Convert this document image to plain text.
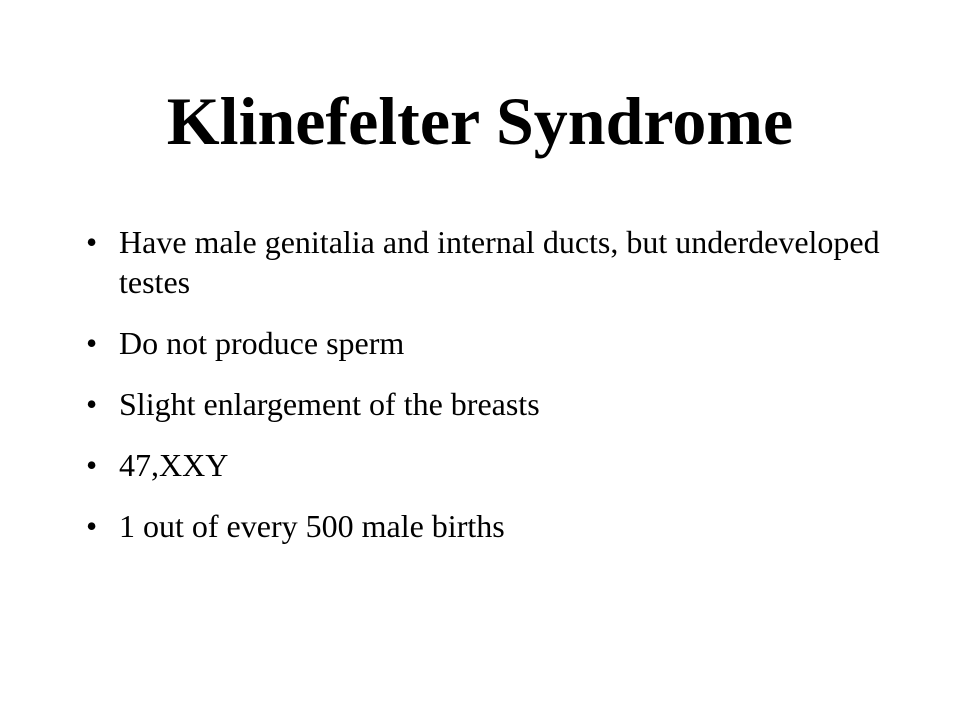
Klinefelter Syndrome
• Have male genitalia and internal ducts, but underdeveloped testes
• Do not produce sperm
• Slight enlargement of the breasts
• 47,XXY
• 1 out of every 500 male births
